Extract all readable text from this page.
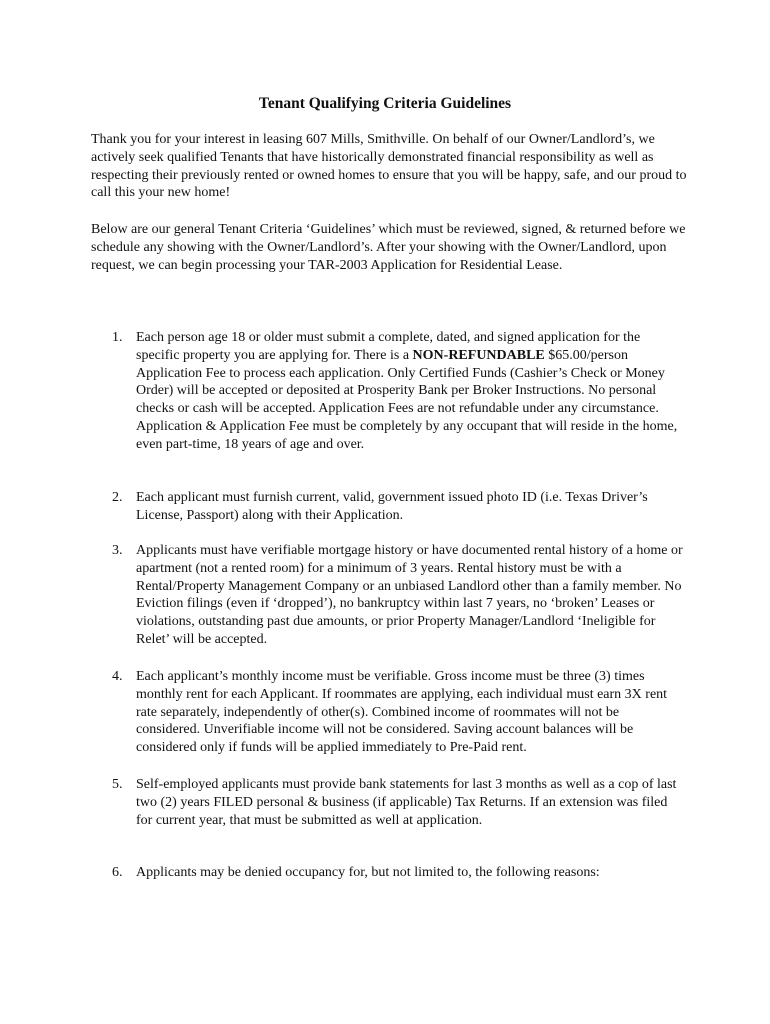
Tenant Qualifying Criteria Guidelines
Thank you for your interest in leasing 607 Mills, Smithville. On behalf of our Owner/Landlord’s, we actively seek qualified Tenants that have historically demonstrated financial responsibility as well as respecting their previously rented or owned homes to ensure that you will be happy, safe, and our proud to call this your new home!
Below are our general Tenant Criteria ‘Guidelines’ which must be reviewed, signed, & returned before we schedule any showing with the Owner/Landlord’s. After your showing with the Owner/Landlord, upon request, we can begin processing your TAR-2003 Application for Residential Lease.
1. Each person age 18 or older must submit a complete, dated, and signed application for the specific property you are applying for. There is a NON-REFUNDABLE $65.00/person Application Fee to process each application. Only Certified Funds (Cashier’s Check or Money Order) will be accepted or deposited at Prosperity Bank per Broker Instructions. No personal checks or cash will be accepted. Application Fees are not refundable under any circumstance. Application & Application Fee must be completely by any occupant that will reside in the home, even part-time, 18 years of age and over.
2. Each applicant must furnish current, valid, government issued photo ID (i.e. Texas Driver’s License, Passport) along with their Application.
3. Applicants must have verifiable mortgage history or have documented rental history of a home or apartment (not a rented room) for a minimum of 3 years. Rental history must be with a Rental/Property Management Company or an unbiased Landlord other than a family member. No Eviction filings (even if ‘dropped’), no bankruptcy within last 7 years, no ‘broken’ Leases or violations, outstanding past due amounts, or prior Property Manager/Landlord ‘Ineligible for Relet’ will be accepted.
4. Each applicant’s monthly income must be verifiable. Gross income must be three (3) times monthly rent for each Applicant. If roommates are applying, each individual must earn 3X rent rate separately, independently of other(s). Combined income of roommates will not be considered. Unverifiable income will not be considered. Saving account balances will be considered only if funds will be applied immediately to Pre-Paid rent.
5. Self-employed applicants must provide bank statements for last 3 months as well as a cop of last two (2) years FILED personal & business (if applicable) Tax Returns. If an extension was filed for current year, that must be submitted as well at application.
6. Applicants may be denied occupancy for, but not limited to, the following reasons:
